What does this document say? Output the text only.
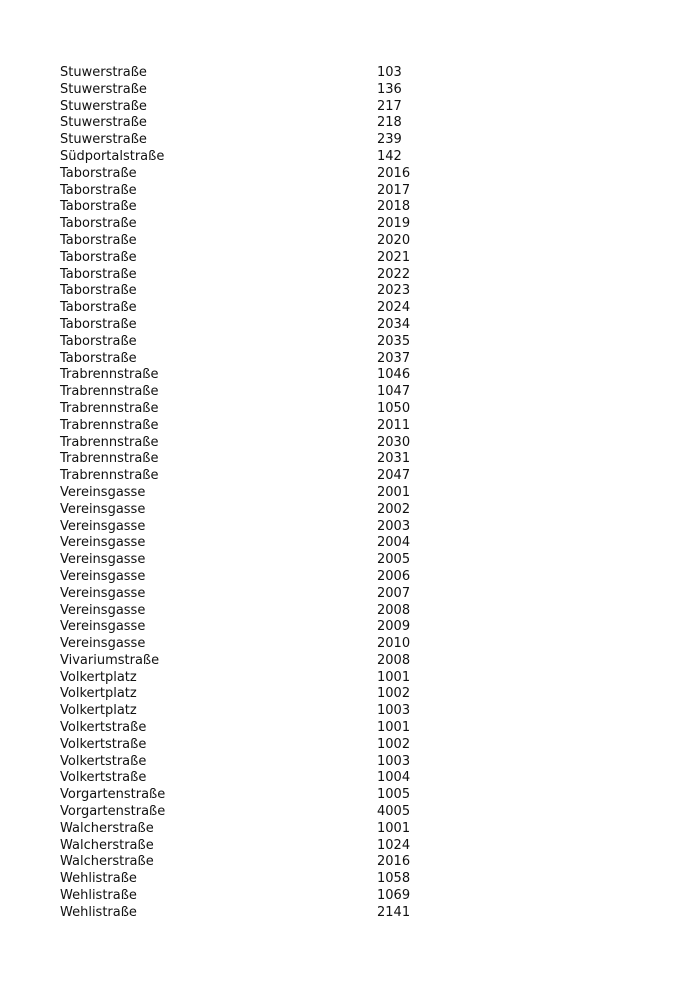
Stuwerstraße	103
Stuwerstraße	136
Stuwerstraße	217
Stuwerstraße	218
Stuwerstraße	239
Südportalstraße	142
Taborstraße	2016
Taborstraße	2017
Taborstraße	2018
Taborstraße	2019
Taborstraße	2020
Taborstraße	2021
Taborstraße	2022
Taborstraße	2023
Taborstraße	2024
Taborstraße	2034
Taborstraße	2035
Taborstraße	2037
Trabrennstraße	1046
Trabrennstraße	1047
Trabrennstraße	1050
Trabrennstraße	2011
Trabrennstraße	2030
Trabrennstraße	2031
Trabrennstraße	2047
Vereinsgasse	2001
Vereinsgasse	2002
Vereinsgasse	2003
Vereinsgasse	2004
Vereinsgasse	2005
Vereinsgasse	2006
Vereinsgasse	2007
Vereinsgasse	2008
Vereinsgasse	2009
Vereinsgasse	2010
Vivariumstraße	2008
Volkertplatz	1001
Volkertplatz	1002
Volkertplatz	1003
Volkertstraße	1001
Volkertstraße	1002
Volkertstraße	1003
Volkertstraße	1004
Vorgartenstraße	1005
Vorgartenstraße	4005
Walcherstraße	1001
Walcherstraße	1024
Walcherstraße	2016
Wehlistraße	1058
Wehlistraße	1069
Wehlistraße	2141
